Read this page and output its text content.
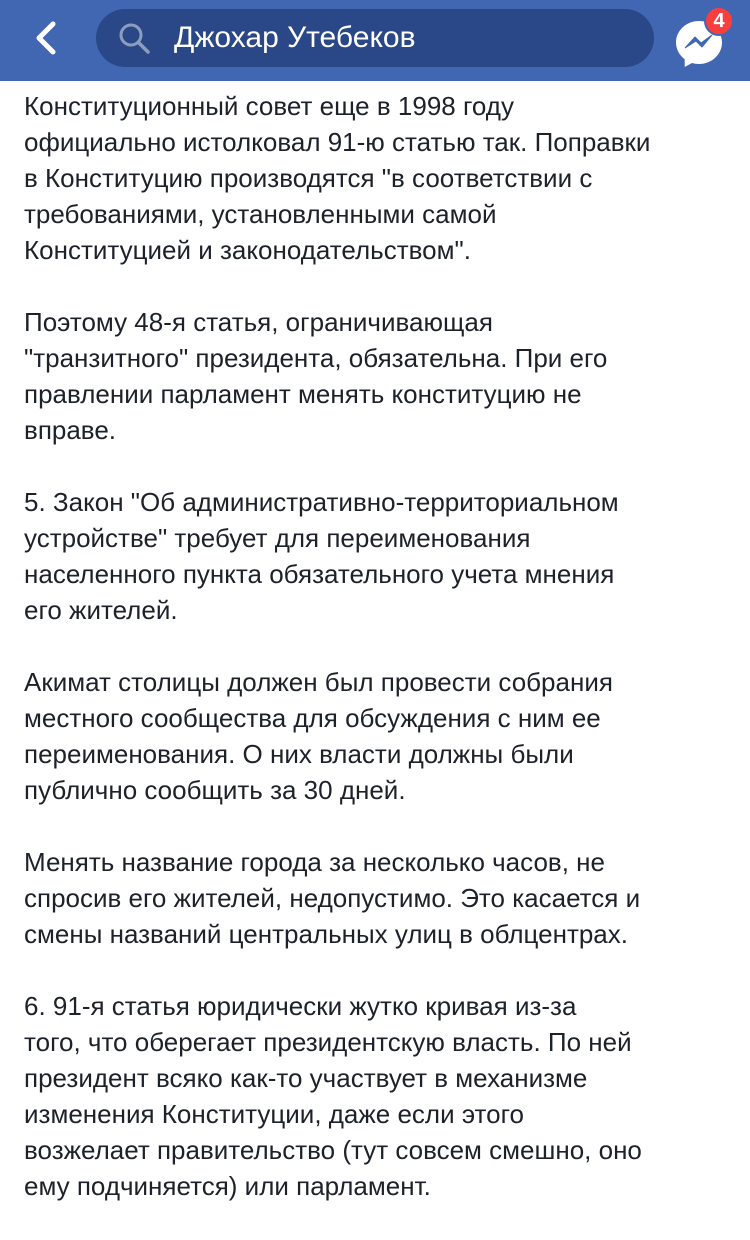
Джохар Утебеков
4
Конституционный совет еще в 1998 году
официально истолковал 91-ю статью так. Поправки
в Конституцию производятся "в соответствии с
требованиями, установленными самой
Конституцией и законодательством".
Поэтому 48-я статья, ограничивающая
"транзитного" президента, обязательна. При его
правлении парламент менять конституцию не
вправе.
5. Закон "Об административно-территориальном
устройстве" требует для переименования
населенного пункта обязательного учета мнения
его жителей.
Акимат столицы должен был провести собрания
местного сообщества для обсуждения с ним ее
переименования. О них власти должны были
публично сообщить за 30 дней.
Менять название города за несколько часов, не
спросив его жителей, недопустимо. Это касается и
смены названий центральных улиц в облцентрах.
6. 91-я статья юридически жутко кривая из-за
того, что оберегает президентскую власть. По ней
президент всяко как-то участвует в механизме
изменения Конституции, даже если этого
возжелает правительство (тут совсем смешно, оно
ему подчиняется) или парламент.
